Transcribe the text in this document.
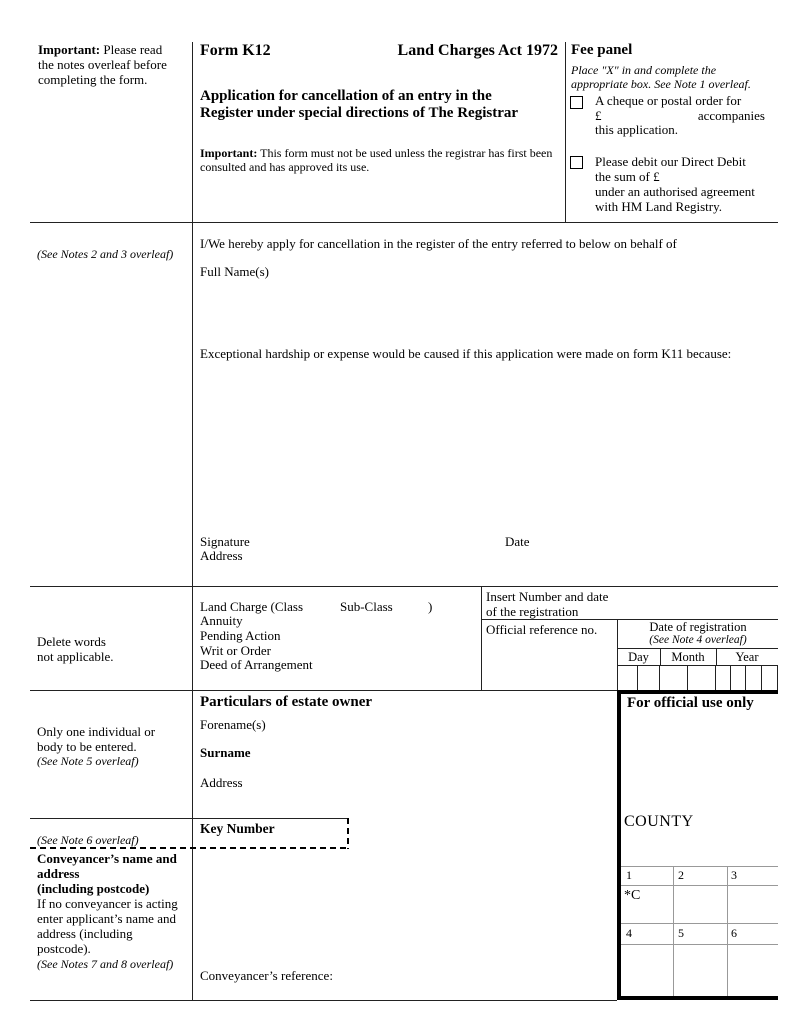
Important: Please read
the notes overleaf before
completing the form.
Form K12	Land Charges Act 1972
Application for cancellation of an entry in the
Register under special directions of The Registrar
Important: This form must not be used unless the registrar has first been
consulted and has approved its use.
Fee panel
Place "X" in and complete the
appropriate box. See Note 1 overleaf.
A cheque or postal order for
£	accompanies
this application.
Please debit our Direct Debit
the sum of £
under an authorised agreement
with HM Land Registry.
(See Notes 2 and 3 overleaf)
I/We hereby apply for cancellation in the register of the entry referred to below on behalf of
Full Name(s)
Exceptional hardship or expense would be caused if this application were made on form K11 because:
Signature
Address
Date
Delete words
not applicable.
Land Charge (Class	Sub-Class	)
Annuity
Pending Action
Writ or Order
Deed of Arrangement
Insert Number and date
of the registration
Official reference no.	Date of registration
(See Note 4 overleaf)
Day	Month	Year
Only one individual or
body to be entered.
(See Note 5 overleaf)
Particulars of estate owner
Forename(s)
Surname
Address
Key Number
(See Note 6 overleaf)
Conveyancer’s name and
address
(including postcode)
If no conveyancer is acting
enter applicant’s name and
address (including
postcode).
(See Notes 7 and 8 overleaf)
Conveyancer’s reference:
For official use only
COUNTY
1	2	3
*C
4	5	6
